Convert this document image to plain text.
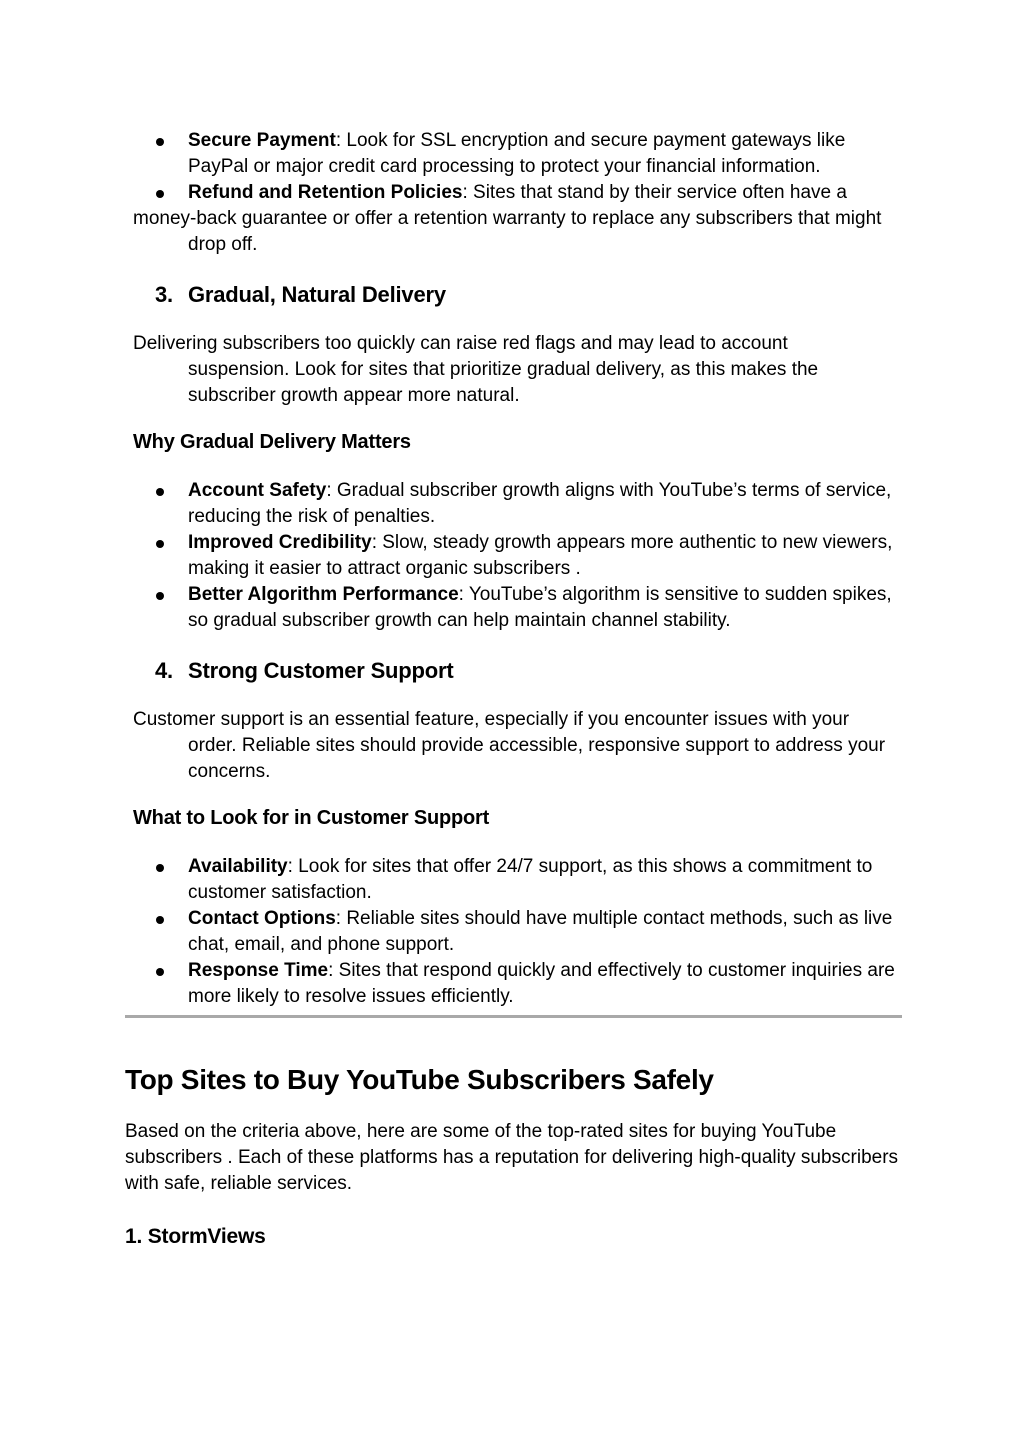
Secure Payment: Look for SSL encryption and secure payment gateways like
PayPal or major credit card processing to protect your financial information.
Refund and Retention Policies: Sites that stand by their service often have a
money-back guarantee or offer a retention warranty to replace any subscribers that might
drop off.
3. Gradual, Natural Delivery

Delivering subscribers too quickly can raise red flags and may lead to account
suspension. Look for sites that prioritize gradual delivery, as this makes the
subscriber growth appear more natural.

Why Gradual Delivery Matters
Account Safety: Gradual subscriber growth aligns with YouTube’s terms of service,
reducing the risk of penalties.
Improved Credibility: Slow, steady growth appears more authentic to new viewers,
making it easier to attract organic subscribers .
Better Algorithm Performance: YouTube’s algorithm is sensitive to sudden spikes,
so gradual subscriber growth can help maintain channel stability.
4. Strong Customer Support

Customer support is an essential feature, especially if you encounter issues with your
order. Reliable sites should provide accessible, responsive support to address your
concerns.

What to Look for in Customer Support
Availability: Look for sites that offer 24/7 support, as this shows a commitment to
customer satisfaction.
Contact Options: Reliable sites should have multiple contact methods, such as live
chat, email, and phone support.
Response Time: Sites that respond quickly and effectively to customer inquiries are
more likely to resolve issues efficiently.
Top Sites to Buy YouTube Subscribers Safely

Based on the criteria above, here are some of the top-rated sites for buying YouTube
subscribers . Each of these platforms has a reputation for delivering high-quality subscribers
with safe, reliable services.

1. StormViews
